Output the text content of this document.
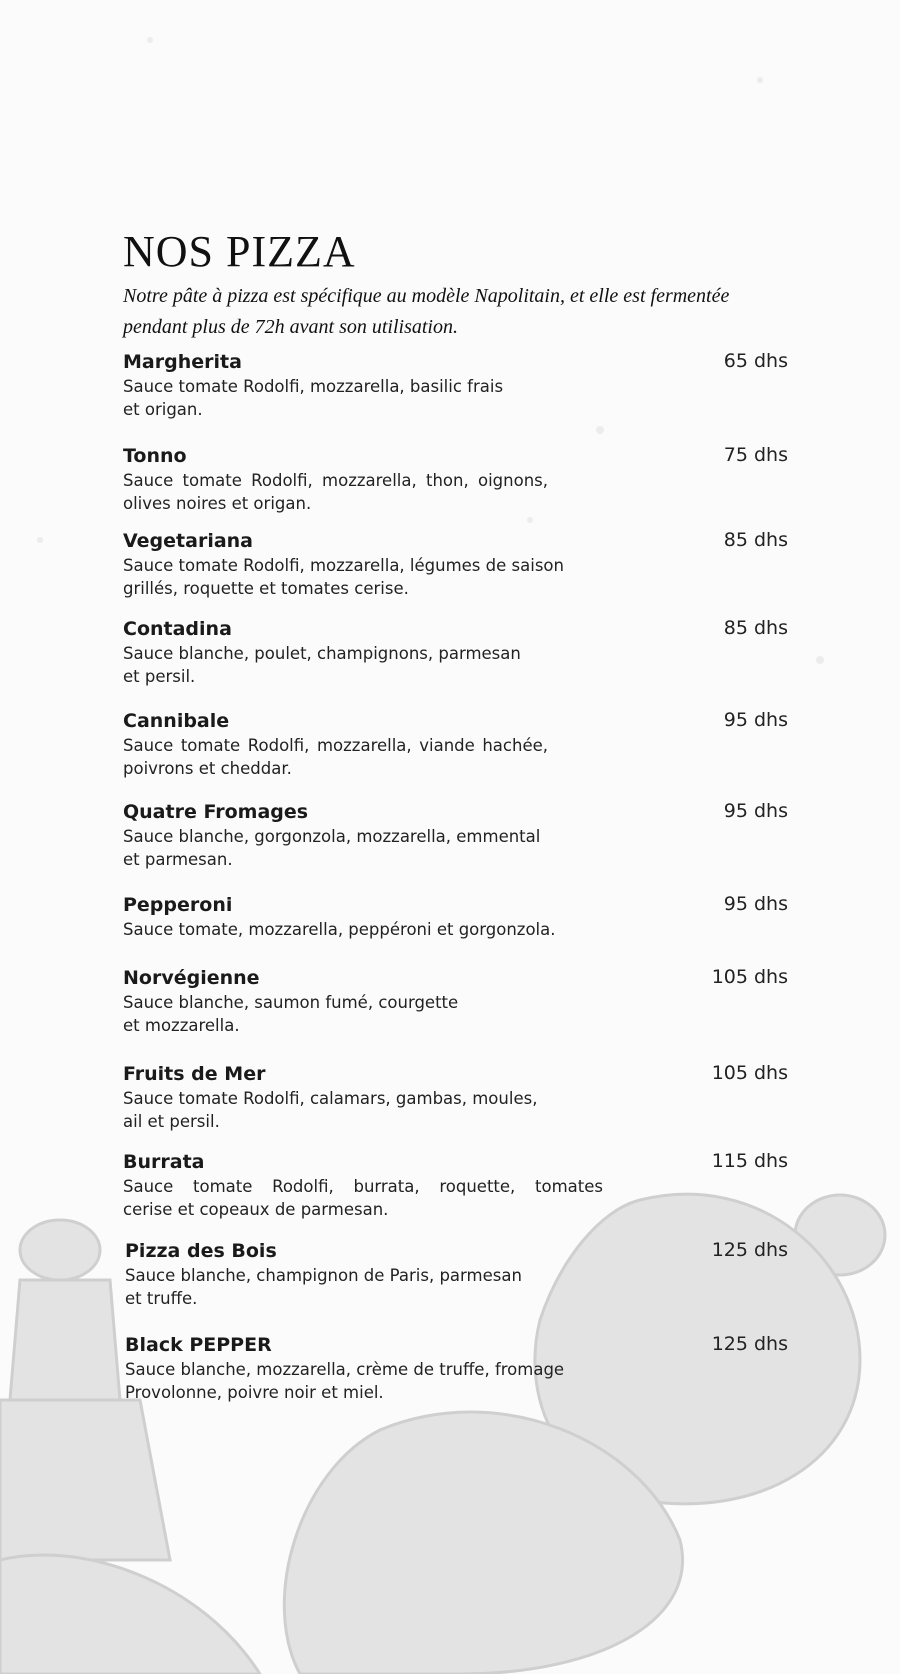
NOS PIZZA
Notre pâte à pizza est spécifique au modèle Napolitain, et elle est fermentée
pendant plus de 72h avant son utilisation.
Margherita
Sauce tomate Rodolfi, mozzarella, basilic frais
et origan.
65 dhs
Tonno
Sauce tomate Rodolfi, mozzarella, thon, oignons,
olives noires et origan.
75 dhs
Vegetariana
Sauce tomate Rodolfi, mozzarella, légumes de saison
grillés, roquette et tomates cerise.
85 dhs
Contadina
Sauce blanche, poulet, champignons, parmesan
et persil.
85 dhs
Cannibale
Sauce tomate Rodolfi, mozzarella, viande hachée,
poivrons et cheddar.
95 dhs
Quatre Fromages
Sauce blanche, gorgonzola, mozzarella, emmental
et parmesan.
95 dhs
Pepperoni
Sauce tomate, mozzarella, peppéroni et gorgonzola.
95 dhs
Norvégienne
Sauce blanche, saumon fumé, courgette
et mozzarella.
105 dhs
Fruits de Mer
Sauce tomate Rodolfi, calamars, gambas, moules,
ail et persil.
105 dhs
Burrata
Sauce tomate Rodolfi, burrata, roquette, tomates
cerise et copeaux de parmesan.
115 dhs
Pizza des Bois
Sauce blanche, champignon de Paris, parmesan
et truffe.
125 dhs
Black PEPPER
Sauce blanche, mozzarella, crème de truffe, fromage
Provolonne, poivre noir et miel.
125 dhs
